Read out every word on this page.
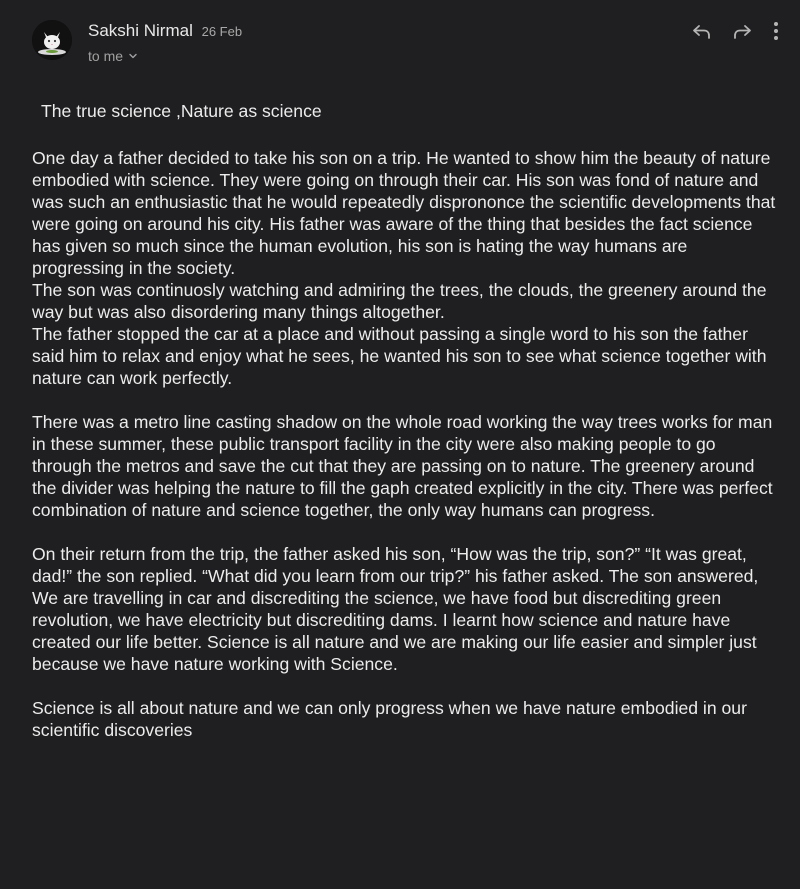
Sakshi Nirmal 26 Feb
to me
The true science ,Nature as science
One day a father decided to take his son on a trip. He wanted to show him the beauty of nature embodied with science. They were going on through their car. His son was fond of nature and was such an enthusiastic that he would repeatedly disprononce the scientific developments that were going on around his city. His father was aware of the thing that besides the fact science has given so much since the human evolution, his son is hating the way humans are progressing in the society.
The son was continuosly watching and admiring the trees, the clouds, the greenery around the way but was also disordering many things altogether.
The father stopped the car at a place and without passing a single word to his son the father said him to relax and enjoy what he sees, he wanted his son to see what science together with nature can work perfectly.
There was a metro line casting shadow on the whole road working the way trees works for man in these summer, these public transport facility in the city were also making people to go through the metros and save the cut that they are passing on to nature. The greenery around the divider was helping the nature to fill the gaph created explicitly in the city. There was perfect combination of nature and science together, the only way humans can progress.
On their return from the trip, the father asked his son, “How was the trip, son?” “It was great, dad!” the son replied. “What did you learn from our trip?” his father asked. The son answered,
We are travelling in car and discrediting the science, we have food but discrediting green revolution, we have electricity but discrediting dams. I learnt how science and nature have created our life better. Science is all nature and we are making our life easier and simpler just because we have nature working with Science.
Science is all about nature and we can only progress when we have nature embodied in our scientific discoveries
